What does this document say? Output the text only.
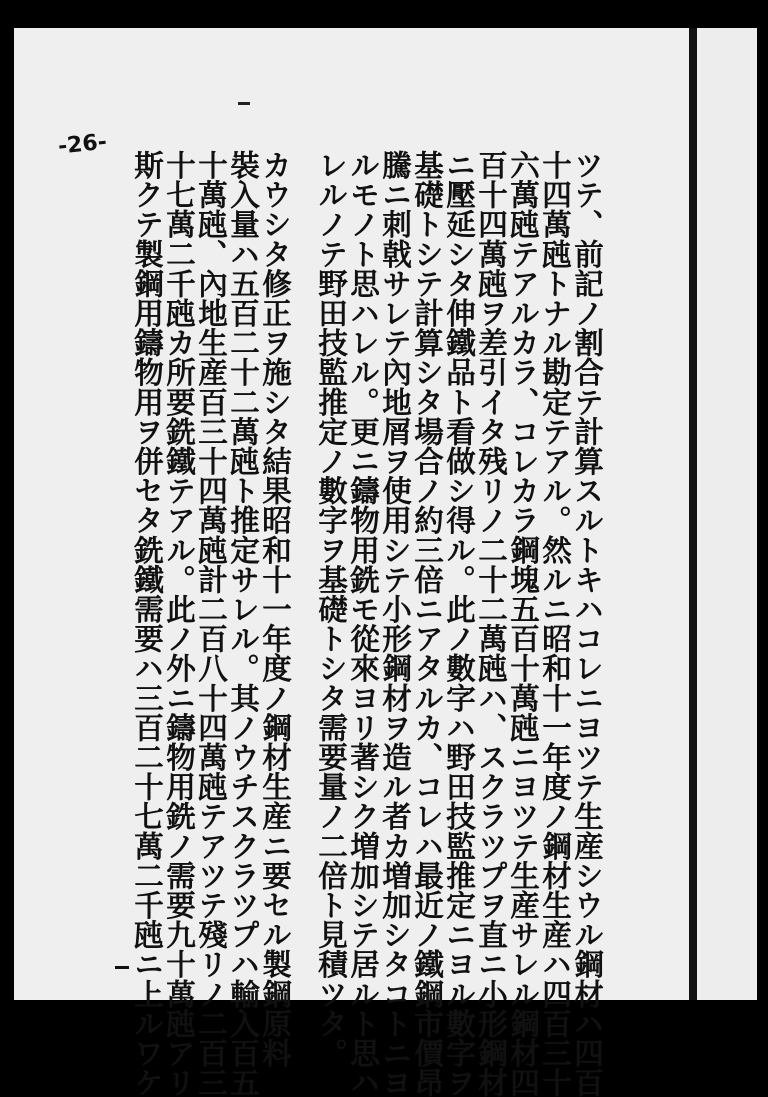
-26-
ツテ、前記ノ割合テ計算スルトキハコレニヨツテ生産シウル鋼材ハ四百
十四萬瓲トナル勘定テアル。然ルニ昭和十一年度ノ鋼材生産ハ四百三十
六萬瓲テアルカラ、コレカラ鋼塊五百十萬瓲ニヨツテ生産サレル鋼材四
百十四萬瓲ヲ差引イタ残リノ二十二萬瓲ハ、スクラツプヲ直ニ小形鋼材
ニ壓延シタ伸鐵品ト看做シ得ル。此ノ數字ハ野田技監推定ニヨル數字ヲ
基礎トシテ計算シタ場合ノ約三倍ニアタルカ、コレハ最近ノ鐵鋼市價昂
騰ニ刺戟サレテ內地屑ヲ使用シテ小形鋼材ヲ造ル者カ増加シタコトニヨ
ルモノト思ハレル。更ニ鑄物用銑モ從來ヨリ著シク増加シテ居ルト思ハ
レルノテ野田技監推定ノ數字ヲ基礎トシタ需要量ノ二倍ト見積ツタ。
カウシタ修正ヲ施シタ結果昭和十一年度ノ鋼材生産ニ要セル製鋼原料
裝入量ハ五百二十二萬瓲ト推定サレル。其ノウチスクラツプハ輸入百五
十萬瓲、內地生産百三十四萬瓲計二百八十四萬瓲テアツテ殘リノ二百三
十七萬二千瓲カ所要銑鐵テアル。此ノ外ニ鑄物用銑ノ需要九十萬瓲アリ
斯クテ製鋼用鑄物用ヲ併セタ銑鐵需要ハ三百二十七萬二千瓲ニ上ルワケ
